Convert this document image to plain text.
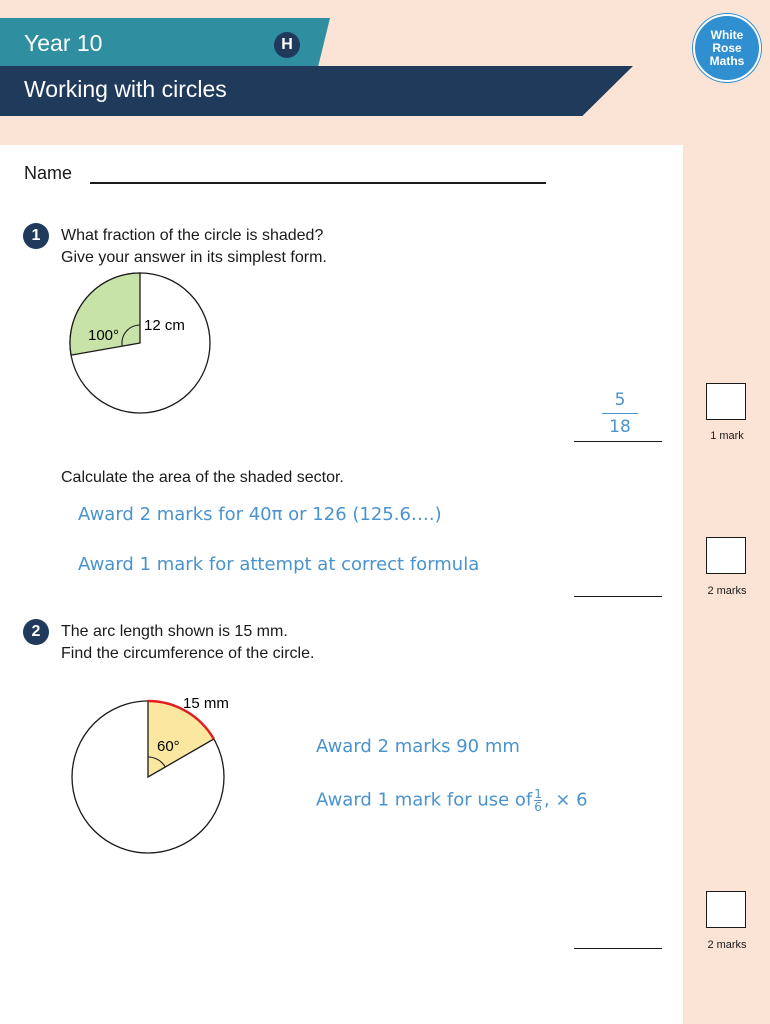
Year 10	H
Working with circles
White
Rose
Maths
Name
1	What fraction of the circle is shaded?
Give your answer in its simplest form.
100°
12 cm
5
18	1 mark
Calculate the area of the shaded sector.
Award 2 marks for 40π or 126 (125.6….)
Award 1 mark for attempt at correct formula
2 marks
2	The arc length shown is 15 mm.
Find the circumference of the circle.
15 mm
60°	Award 2 marks 90 mm
Award 1 mark for use of $\frac{1}{6}$ , × 6
2 marks
